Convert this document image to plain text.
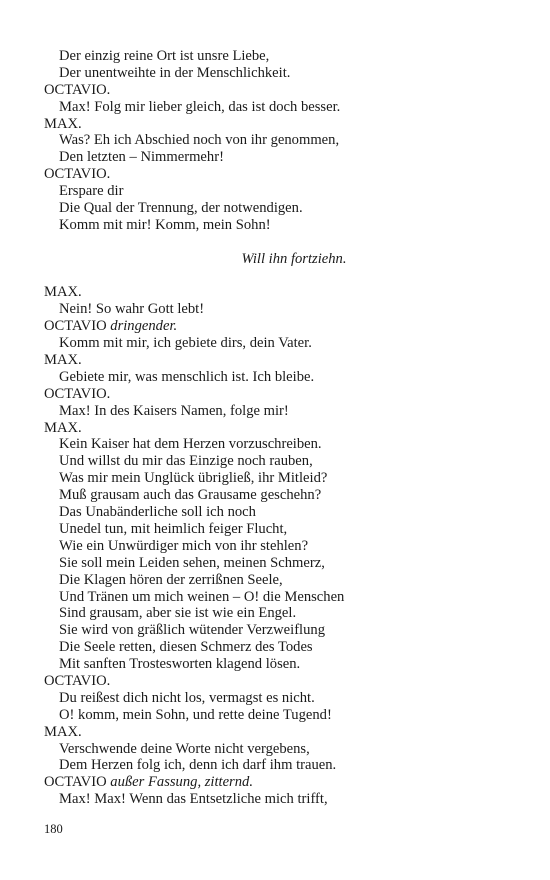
Der einzig reine Ort ist unsre Liebe,
Der unentweihte in der Menschlichkeit.
OCTAVIO.
Max! Folg mir lieber gleich, das ist doch besser.
MAX.
Was? Eh ich Abschied noch von ihr genommen,
Den letzten – Nimmermehr!
OCTAVIO.
Erspare dir
Die Qual der Trennung, der notwendigen.
Komm mit mir! Komm, mein Sohn!
Will ihn fortziehn.
MAX.
Nein! So wahr Gott lebt!
OCTAVIO dringender.
Komm mit mir, ich gebiete dirs, dein Vater.
MAX.
Gebiete mir, was menschlich ist. Ich bleibe.
OCTAVIO.
Max! In des Kaisers Namen, folge mir!
MAX.
Kein Kaiser hat dem Herzen vorzuschreiben.
Und willst du mir das Einzige noch rauben,
Was mir mein Unglück übrigließ, ihr Mitleid?
Muß grausam auch das Grausame geschehn?
Das Unabänderliche soll ich noch
Unedel tun, mit heimlich feiger Flucht,
Wie ein Unwürdiger mich von ihr stehlen?
Sie soll mein Leiden sehen, meinen Schmerz,
Die Klagen hören der zerrißnen Seele,
Und Tränen um mich weinen – O! die Menschen
Sind grausam, aber sie ist wie ein Engel.
Sie wird von gräßlich wütender Verzweiflung
Die Seele retten, diesen Schmerz des Todes
Mit sanften Trostesworten klagend lösen.
OCTAVIO.
Du reißest dich nicht los, vermagst es nicht.
O! komm, mein Sohn, und rette deine Tugend!
MAX.
Verschwende deine Worte nicht vergebens,
Dem Herzen folg ich, denn ich darf ihm trauen.
OCTAVIO außer Fassung, zitternd.
Max! Max! Wenn das Entsetzliche mich trifft,
180
